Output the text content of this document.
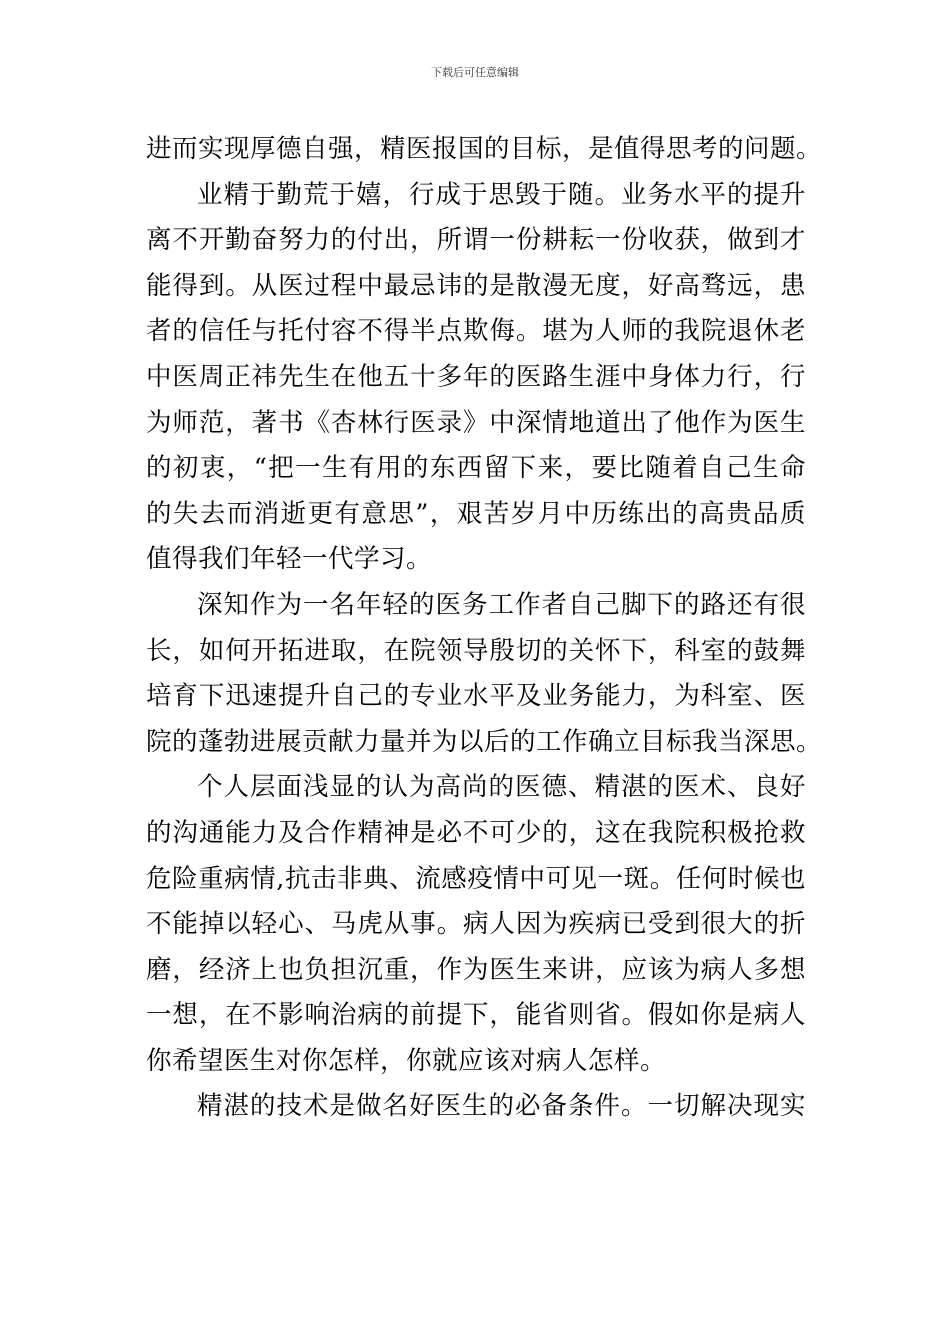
下载后可任意编辑
进而实现厚德自强，精医报国的目标，是值得思考的问题。
业精于勤荒于嬉，行成于思毁于随。业务水平的提升
离不开勤奋努力的付出，所谓一份耕耘一份收获，做到才
能得到。从医过程中最忌讳的是散漫无度，好高骛远，患
者的信任与托付容不得半点欺侮。堪为人师的我院退休老
中医周正祎先生在他五十多年的医路生涯中身体力行，行
为师范，著书《杏林行医录》中深情地道出了他作为医生
的初衷，“把一生有用的东西留下来，要比随着自己生命
的失去而消逝更有意思”，艰苦岁月中历练出的高贵品质
值得我们年轻一代学习。
深知作为一名年轻的医务工作者自己脚下的路还有很
长，如何开拓进取，在院领导殷切的关怀下，科室的鼓舞
培育下迅速提升自己的专业水平及业务能力，为科室、医
院的蓬勃进展贡献力量并为以后的工作确立目标我当深思。
个人层面浅显的认为高尚的医德、精湛的医术、良好
的沟通能力及合作精神是必不可少的，这在我院积极抢救
危险重病情,抗击非典、流感疫情中可见一斑。任何时候也
不能掉以轻心、马虎从事。病人因为疾病已受到很大的折
磨，经济上也负担沉重，作为医生来讲，应该为病人多想
一想，在不影响治病的前提下，能省则省。假如你是病人
你希望医生对你怎样，你就应该对病人怎样。
精湛的技术是做名好医生的必备条件。一切解决现实
